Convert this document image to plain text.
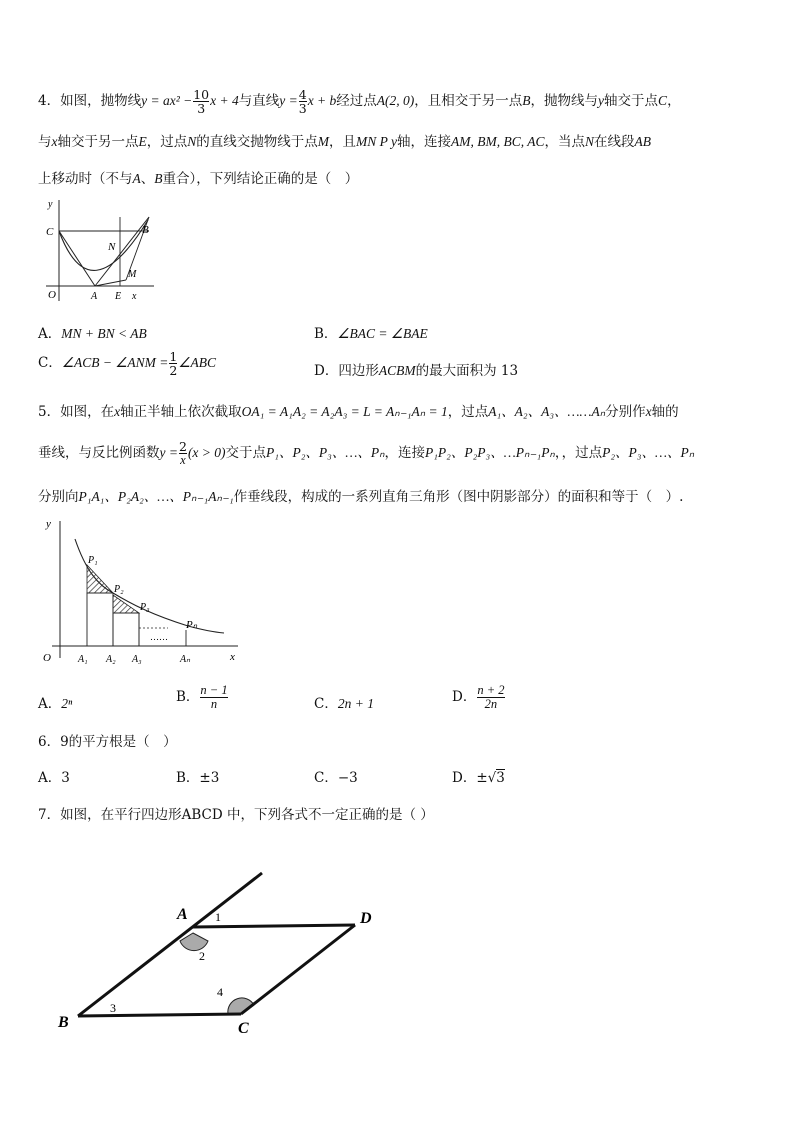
4．如图，抛物线$y = ax^2 - \frac{10}{3}$ x + 4与直线$y = \frac{4}{3}$ x + b经过点A(2, 0)，且相交于另一点B，抛物线与y轴交于点C，
与x轴交于另一点E，过点N的直线交抛物线于点M，且MN P y轴，连接AM, BM, BC, AC，当点N在线段AB
上移动时（不与A、B重合），下列结论正确的是（　）
y
C	B
N
M
O	A E x
A．MN + BN < AB	B．∠BAC = ∠BAE
C．∠ACB − ∠ANM = $\frac{1}{2}$ ∠ABC
D．四边形ACBM的最大面积为 13
5．如图，在x轴正半轴上依次截取OA₁ = A₁A₂ = A₂A₃ = L = Aₙ₋₁Aₙ = 1，过点A₁、A₂、A₃、……Aₙ分别作x轴的
垂线，与反比例函数$y = \frac{2}{x} (x > 0)$交于点P₁、P₂、P₃、…、Pₙ，连接P₁P₂、P₂P₃、…Pₙ₋₁Pₙ，，过点P₂、P₃、…、Pₙ
分别向P₁A₁、P₂A₂、…、Pₙ₋₁Aₙ₋₁作垂线段，构成的一系列直角三角形（图中阴影部分）的面积和等于（　）.
y
P₁
P₂
P₃
Pₙ
……
O	A₁ A₂ A₃	Aₙ	x
A．2ⁿ	B． $\frac{n - 1}{n}$	C．2n + 1	D． $\frac{n + 2}{2n}$
6．9的平方根是（　）
A．3	B．±3	C．−3	D．±√3
7．如图，在平行四边形ABCD 中，下列各式不一定正确的是（ ）
A	D
B	C
1
2
3
4
